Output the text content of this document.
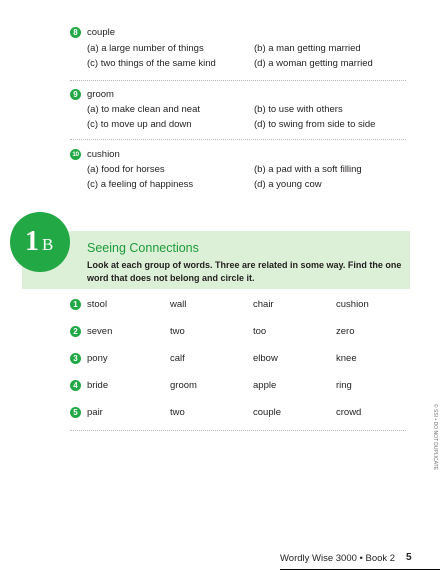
8 couple
(a) a large number of things	(b) a man getting married
(c) two things of the same kind	(d) a woman getting married
9 groom
(a) to make clean and neat	(b) to use with others
(c) to move up and down	(d) to swing from side to side
10 cushion
(a) food for horses	(b) a pad with a soft filling
(c) a feeling of happiness	(d) a young cow
1 B	Seeing Connections
Look at each group of words. Three are related in some way. Find the one word that does not belong and circle it.
1 stool	wall	chair	cushion
2 seven	two	too	zero
3 pony	calf	elbow	knee
4 bride	groom	apple	ring
5 pair	two	couple	crowd	© SSI • DO NOT DUPLICATE
Wordly Wise 3000 • Book 2 5
